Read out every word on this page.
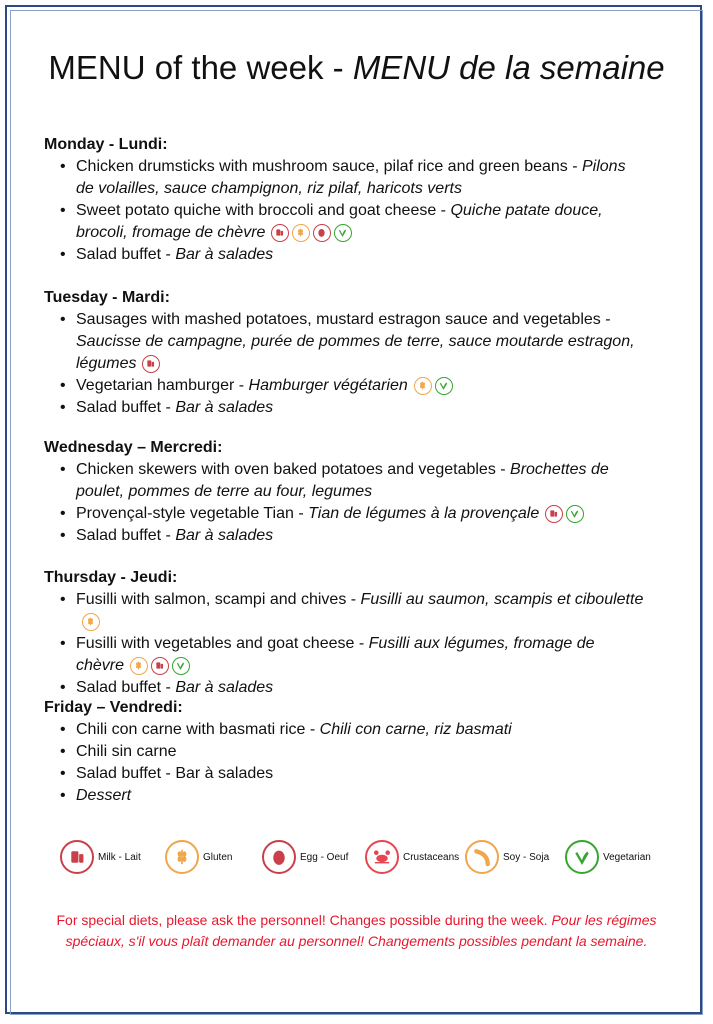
MENU of the week - MENU de la semaine
Monday - Lundi:
• Chicken drumsticks with mushroom sauce, pilaf rice and green beans - Pilons de volailles, sauce champignon, riz pilaf, haricots verts
• Sweet potato quiche with broccoli and goat cheese - Quiche patate douce, brocoli, fromage de chèvre
• Salad buffet - Bar à salades
Tuesday - Mardi:
• Sausages with mashed potatoes, mustard estragon sauce and vegetables - Saucisse de campagne, purée de pommes de terre, sauce moutarde estragon, légumes
• Vegetarian hamburger - Hamburger végétarien
• Salad buffet - Bar à salades
Wednesday – Mercredi:
• Chicken skewers with oven baked potatoes and vegetables - Brochettes de poulet, pommes de terre au four, legumes
• Provençal-style vegetable Tian - Tian de légumes à la provençale
• Salad buffet - Bar à salades
Thursday - Jeudi:
• Fusilli with salmon, scampi and chives - Fusilli au saumon, scampis et ciboulette
• Fusilli with vegetables and goat cheese - Fusilli aux légumes, fromage de chèvre
• Salad buffet - Bar à salades
Friday – Vendredi:
• Chili con carne with basmati rice - Chili con carne, riz basmati
• Chili sin carne
• Salad buffet - Bar à salades
• Dessert
Milk - Lait	Gluten	Egg - Oeuf	Crustaceans	Soy - Soja	Vegetarian
For special diets, please ask the personnel! Changes possible during the week. Pour les régimes spéciaux, s'il vous plaît demander au personnel! Changements possibles pendant la semaine.
